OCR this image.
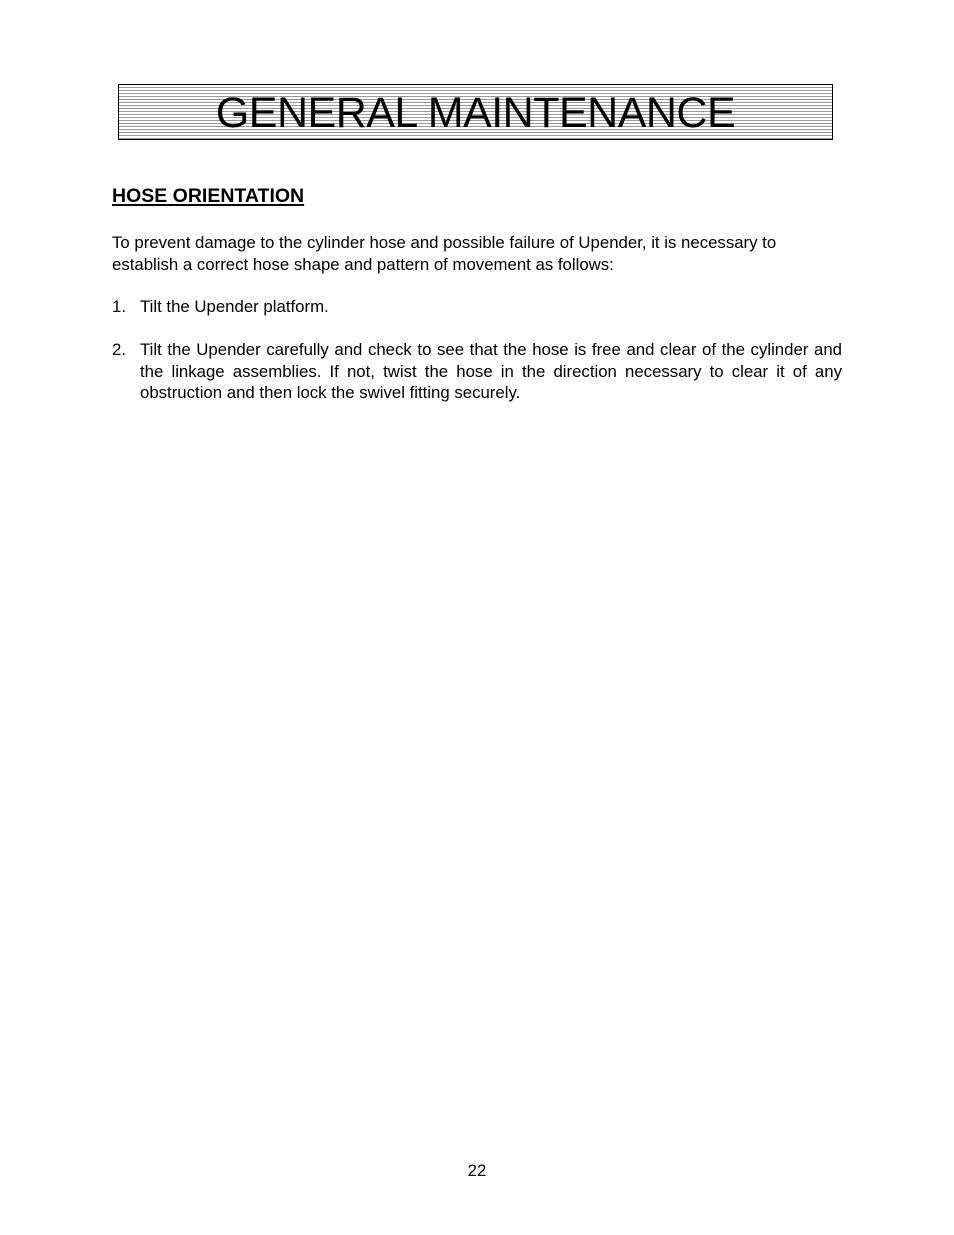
GENERAL MAINTENANCE
HOSE ORIENTATION

To prevent damage to the cylinder hose and possible failure of Upender, it is necessary to establish a correct hose shape and pattern of movement as follows:

1. Tilt the Upender platform.
2. Tilt the Upender carefully and check to see that the hose is free and clear of the cylinder and the linkage assemblies. If not, twist the hose in the direction necessary to clear it of any obstruction and then lock the swivel fitting securely.
22
